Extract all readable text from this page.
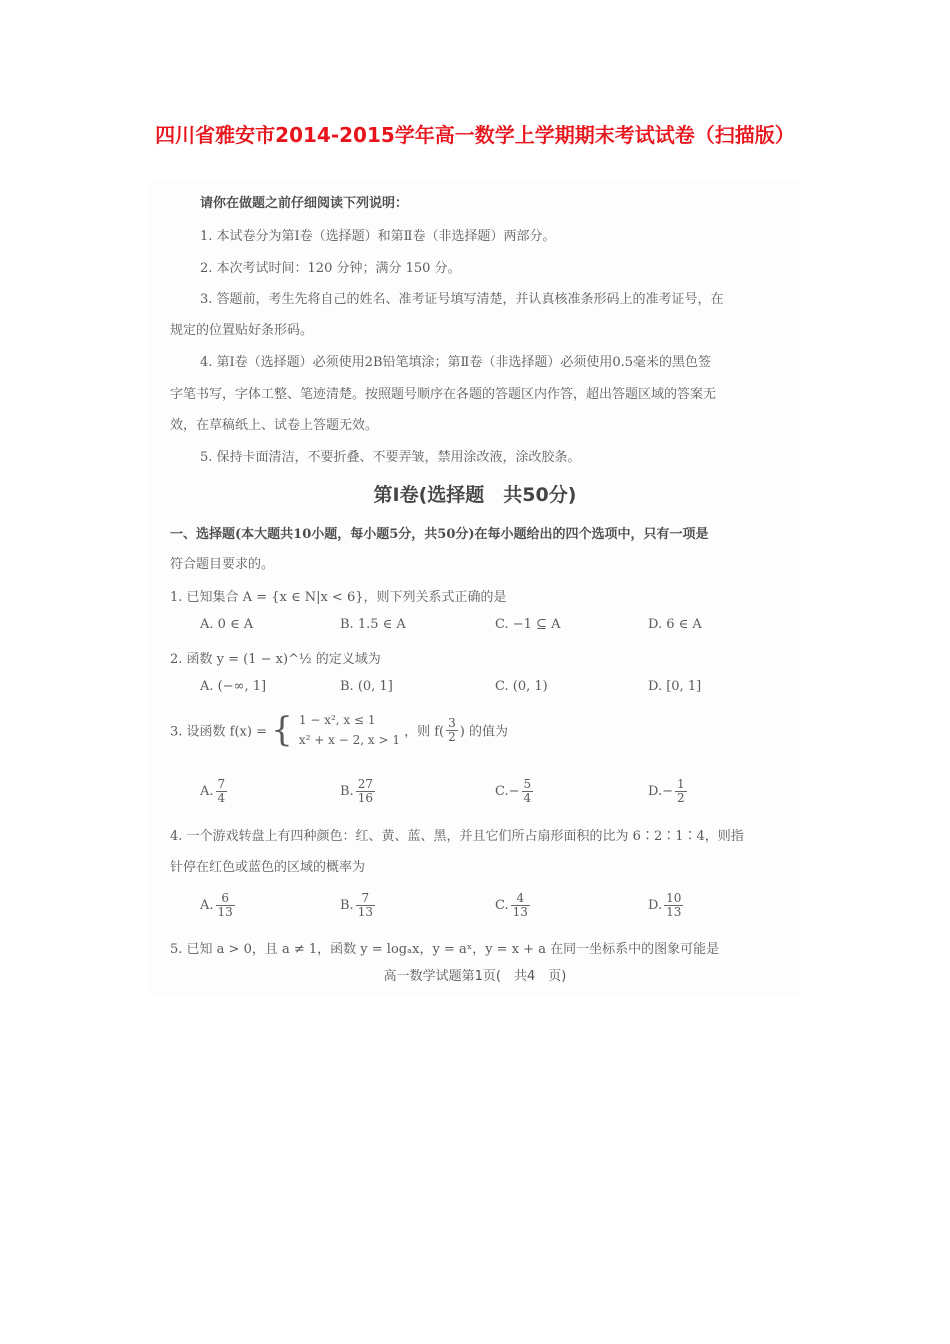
四川省雅安市2014-2015学年高一数学上学期期末考试试卷（扫描版）
请你在做题之前仔细阅读下列说明：
1. 本试卷分为第Ⅰ卷（选择题）和第Ⅱ卷（非选择题）两部分。
2. 本次考试时间：120 分钟；满分 150 分。
3. 答题前，考生先将自己的姓名、准考证号填写清楚，并认真核准条形码上的准考证号，在
规定的位置贴好条形码。
4. 第Ⅰ卷（选择题）必须使用2B铅笔填涂；第Ⅱ卷（非选择题）必须使用0.5毫米的黑色签
字笔书写，字体工整、笔迹清楚。按照题号顺序在各题的答题区内作答，超出答题区域的答案无
效，在草稿纸上、试卷上答题无效。
5. 保持卡面清洁，不要折叠、不要弄皱，禁用涂改液，涂改胶条。
第Ⅰ卷(选择题　共50分)
一、选择题(本大题共10小题，每小题5分，共50分)在每小题给出的四个选项中，只有一项是
符合题目要求的。
1. 已知集合 A = {x ∈ N|x < 6}，则下列关系式正确的是
A. 0 ∈ A	B. 1.5 ∈ A	C. −1 ⊆ A	D. 6 ∈ A
2. 函数 y = (1 − x)^½ 的定义域为
A. (−∞, 1]	B. (0, 1]	C. (0, 1)	D. [0, 1]
3. 设函数 f(x) = { 1 − x², x ≤ 1
x² + x − 2, x > 1
，则 $f( \frac{3}{2}$ ) 的值为
A. $\frac{7}{4}$	B. $\frac{27}{16}$	$C.- \frac{5}{4}$	$D.- \frac{1}{2}$
4. 一个游戏转盘上有四种颜色：红、黄、蓝、黑，并且它们所占扇形面积的比为 6∶2∶1∶4，则指
针停在红色或蓝色的区域的概率为
A. $\frac{6}{13}$	B. $\frac{7}{13}$	C. $\frac{4}{13}$	D. $\frac{10}{13}$
5. 已知 a > 0，且 a ≠ 1，函数 y = logₐx，y = aˣ，y = x + a 在同一坐标系中的图象可能是
高一数学试题第1页(　共4　页)
